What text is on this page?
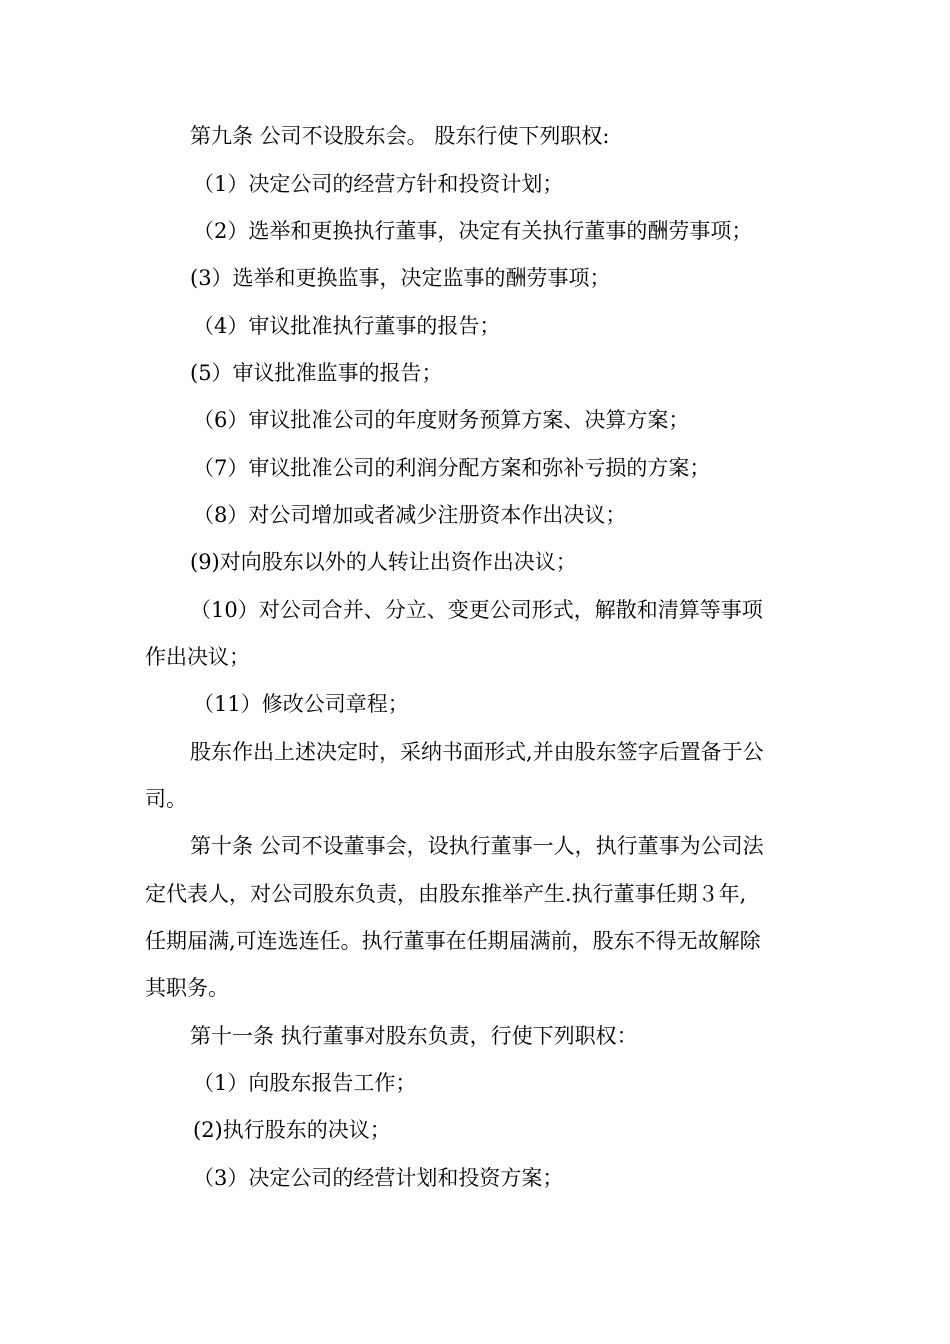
第九条 公司不设股东会。 股东行使下列职权:
（1）决定公司的经营方针和投资计划；
（2）选举和更换执行董事，决定有关执行董事的酬劳事项；
(3）选举和更换监事，决定监事的酬劳事项；
（4）审议批准执行董事的报告；
(5）审议批准监事的报告；
（6）审议批准公司的年度财务预算方案、决算方案；
（7）审议批准公司的利润分配方案和弥补亏损的方案；
（8）对公司增加或者减少注册资本作出决议；
(9)对向股东以外的人转让出资作出决议；
（10）对公司合并、分立、变更公司形式，解散和清算等事项
作出决议；
（11）修改公司章程；
股东作出上述决定时，采纳书面形式,并由股东签字后置备于公
司。
第十条 公司不设董事会，设执行董事一人，执行董事为公司法
定代表人，对公司股东负责，由股东推举产生.执行董事任期３年,
任期届满,可连选连任。执行董事在任期届满前，股东不得无故解除
其职务。
第十一条 执行董事对股东负责，行使下列职权：
（1）向股东报告工作；
(2)执行股东的决议；
（3）决定公司的经营计划和投资方案；
